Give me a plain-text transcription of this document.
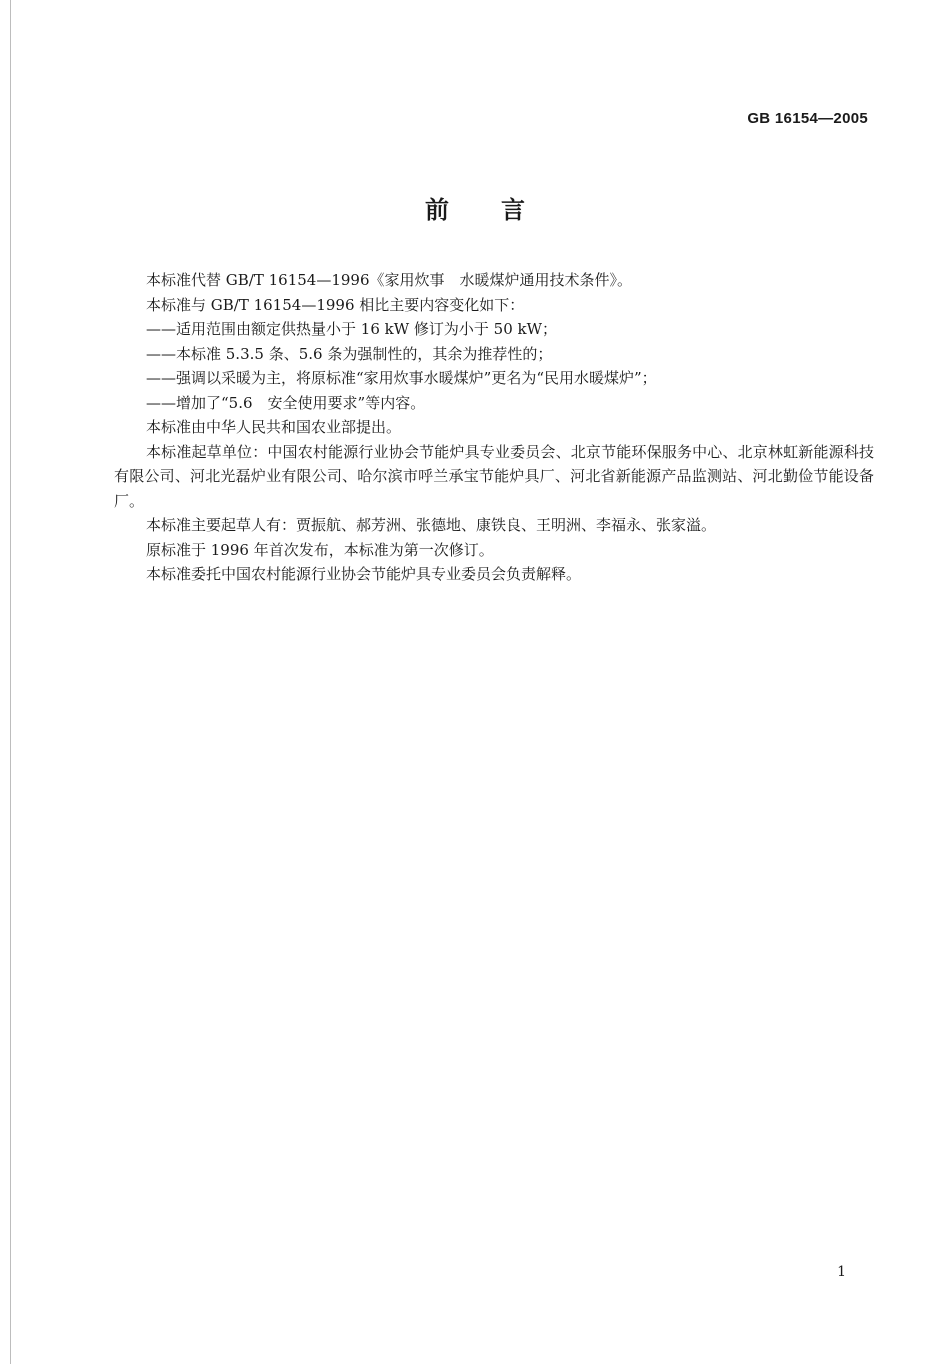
GB 16154—2005
前 言

本标准代替 GB/T 16154—1996《家用炊事　水暖煤炉通用技术条件》。

本标准与 GB/T 16154—1996 相比主要内容变化如下：

——适用范围由额定供热量小于 16 kW 修订为小于 50 kW；

——本标准 5.3.5 条、5.6 条为强制性的，其余为推荐性的；

——强调以采暖为主，将原标准“家用炊事水暖煤炉”更名为“民用水暖煤炉”；

——增加了“5.6　安全使用要求”等内容。

本标准由中华人民共和国农业部提出。

本标准起草单位：中国农村能源行业协会节能炉具专业委员会、北京节能环保服务中心、北京林虹新能源科技有限公司、河北光磊炉业有限公司、哈尔滨市呼兰承宝节能炉具厂、河北省新能源产品监测站、河北勤俭节能设备厂。

本标准主要起草人有：贾振航、郝芳洲、张德地、康铁良、王明洲、李福永、张家溢。

原标准于 1996 年首次发布，本标准为第一次修订。

本标准委托中国农村能源行业协会节能炉具专业委员会负责解释。

1
